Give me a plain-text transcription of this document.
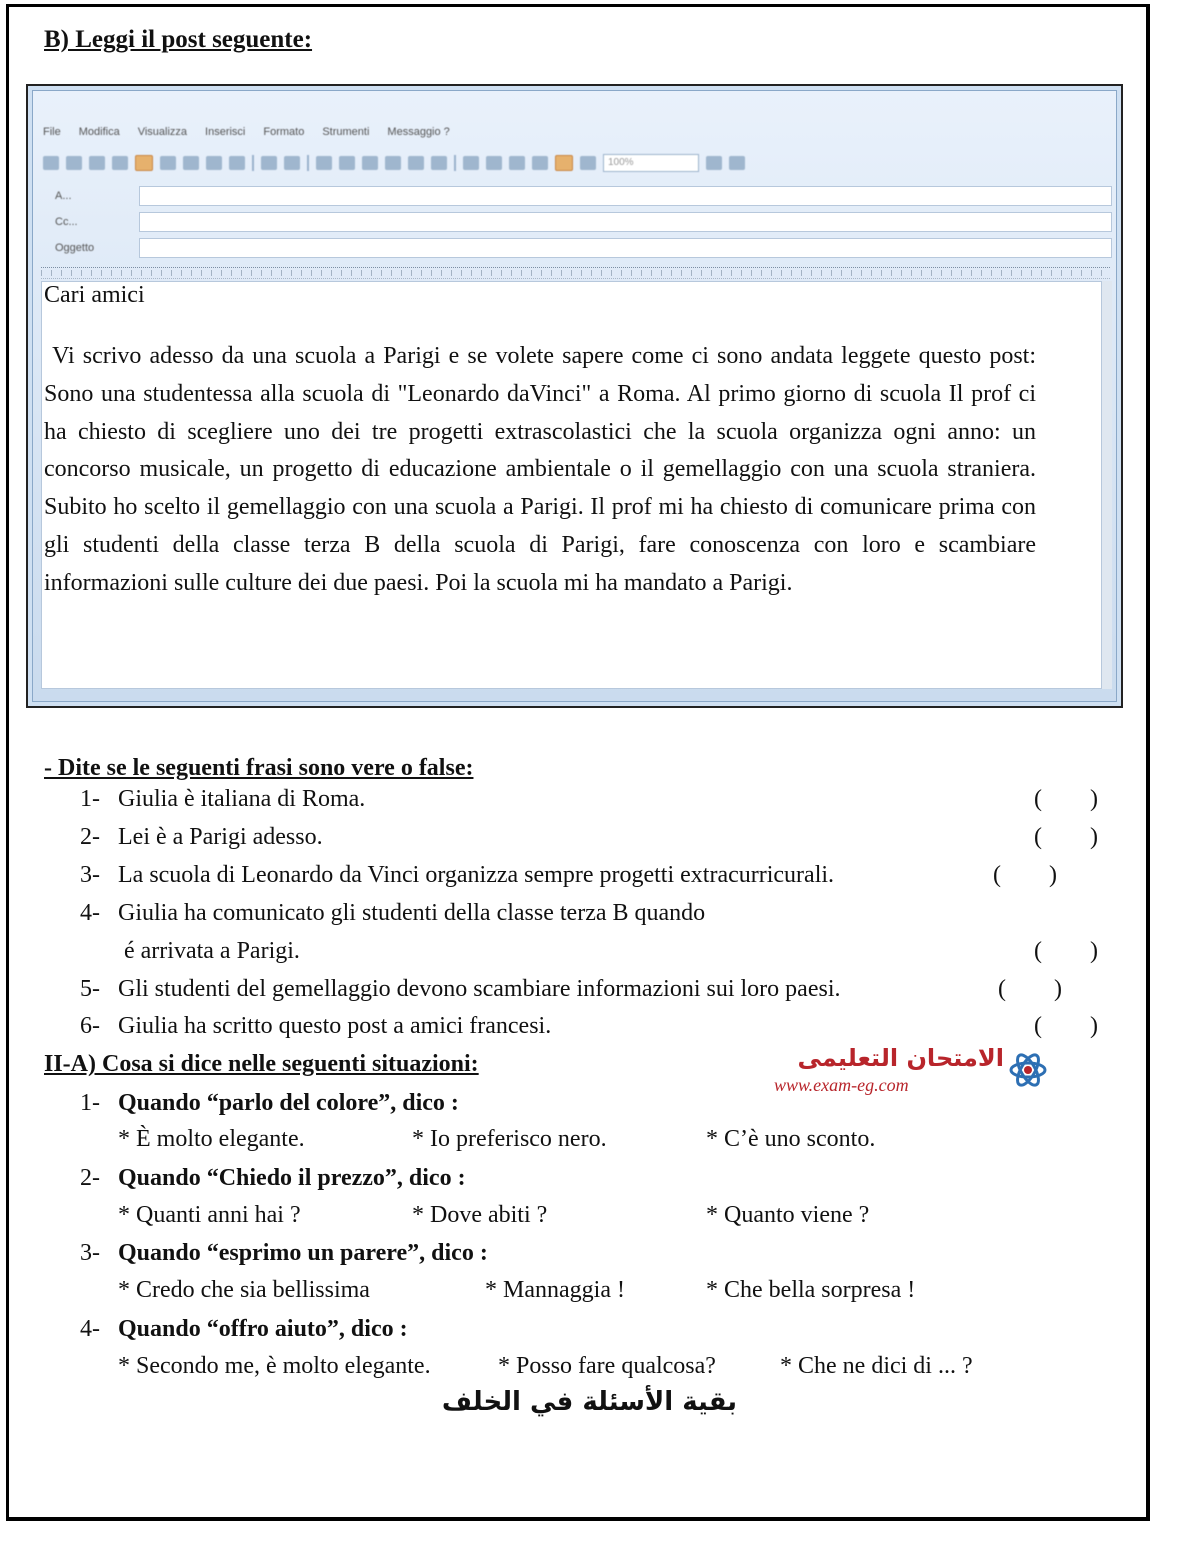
B) Leggi il post seguente:
File Modifica Visualizza Inserisci Formato Strumenti Messaggio ?
100%
A...
Cc...
Oggetto
Cari amici
Vi scrivo adesso da una scuola a Parigi e se volete sapere come ci sono andata leggete questo post: Sono una studentessa alla scuola di "Leonardo daVinci" a Roma. Al primo giorno di scuola Il prof ci ha chiesto di scegliere uno dei tre progetti extrascolastici che la scuola organizza ogni anno: un concorso musicale, un progetto di educazione ambientale o il gemellaggio con una scuola straniera. Subito ho scelto il gemellaggio con una scuola a Parigi. Il prof mi ha chiesto di comunicare prima con gli studenti della classe terza B della scuola di Parigi, fare conoscenza con loro e scambiare informazioni sulle culture dei due paesi. Poi la scuola mi ha mandato a Parigi.
- Dite se le seguenti frasi sono vere o false:
1- Giulia è italiana di Roma.	(        )
2- Lei è a Parigi adesso.	(        )
3- La scuola di Leonardo da Vinci organizza sempre progetti extracurricurali.	(        )
4- Giulia ha comunicato gli studenti della classe terza B quando
é arrivata a Parigi.	(        )
5- Gli studenti del gemellaggio devono scambiare informazioni sui loro paesi.	(        )
6- Giulia ha scritto questo post a amici francesi.	(        )
II-A) Cosa si dice nelle seguenti situazioni:	الامتحان التعليمى
www.exam-eg.com
1- Quando “parlo del colore”, dico :
* È molto elegante.	* Io preferisco nero.	* C’è uno sconto.
2- Quando “Chiedo il prezzo”, dico :
* Quanti anni hai ?	* Dove abiti ?	* Quanto viene ?
3- Quando “esprimo un parere”, dico :
* Credo che sia bellissima	* Mannaggia !	* Che bella sorpresa !
4- Quando “offro aiuto”, dico :
* Secondo me, è molto elegante.	* Posso fare qualcosa?	* Che ne dici di ... ?
بقية الأسئلة في الخلف
